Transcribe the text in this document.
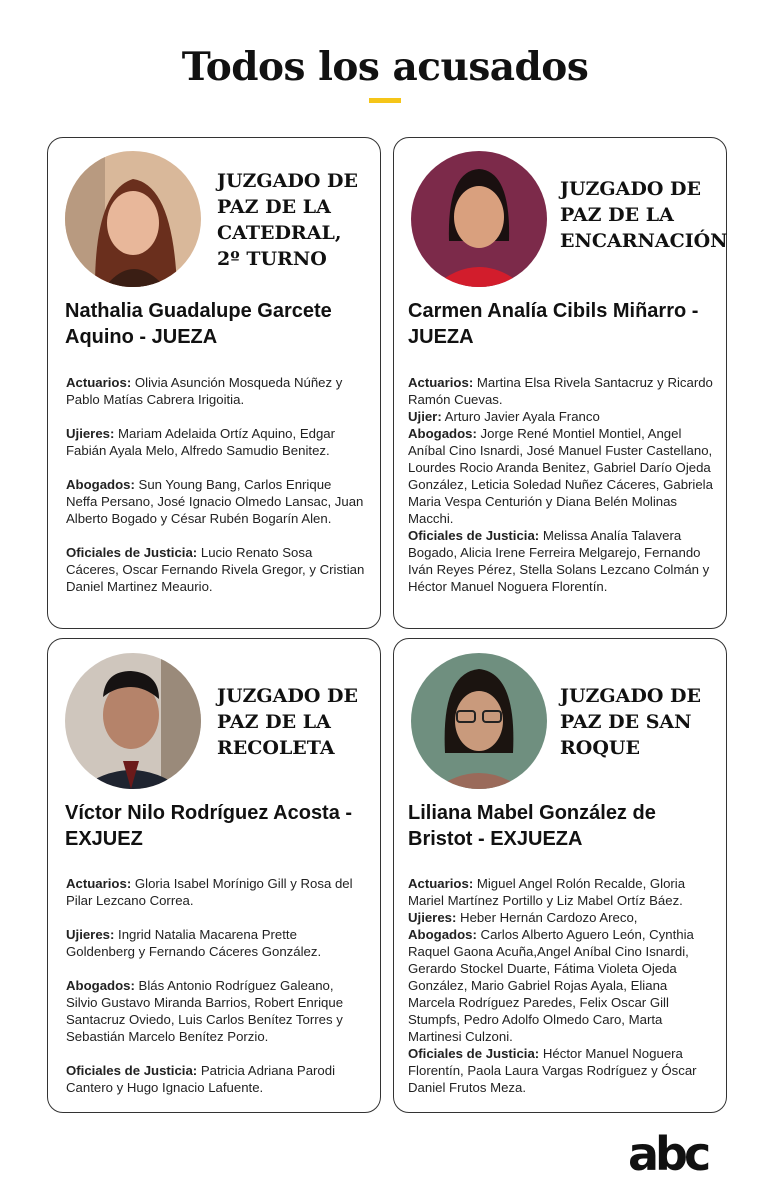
Todos los acusados
JUZGADO DE
PAZ DE LA
CATEDRAL,
2º TURNO
Nathalia Guadalupe Garcete
Aquino - JUEZA

Actuarios: Olivia Asunción Mosqueda Núñez y Pablo Matías Cabrera Irigoitia.

Ujieres: Mariam Adelaida Ortíz Aquino, Edgar Fabián Ayala Melo, Alfredo Samudio Benitez.

Abogados: Sun Young Bang, Carlos Enrique Neffa Persano, José Ignacio Olmedo Lansac, Juan Alberto Bogado y César Rubén Bogarín Alen.

Oficiales de Justicia: Lucio Renato Sosa Cáceres, Oscar Fernando Rivela Gregor, y Cristian Daniel Martinez Meaurio.

JUZGADO DE
PAZ DE LA
ENCARNACIÓN
Carmen Analía Cibils Miñarro -
JUEZA

Actuarios: Martina Elsa Rivela Santacruz y Ricardo Ramón Cuevas.

Ujier: Arturo Javier Ayala Franco

Abogados: Jorge René Montiel Montiel, Angel Aníbal Cino Isnardi, José Manuel Fuster Castellano, Lourdes Rocio Aranda Benitez, Gabriel Darío Ojeda González, Leticia Soledad Nuñez Cáceres, Gabriela Maria Vespa Centurión y Diana Belén Molinas Macchi.

Oficiales de Justicia: Melissa Analía Talavera Bogado, Alicia Irene Ferreira Melgarejo, Fernando Iván Reyes Pérez, Stella Solans Lezcano Colmán y Héctor Manuel Noguera Florentín.

JUZGADO DE
PAZ DE LA
RECOLETA
Víctor Nilo Rodríguez Acosta -
EXJUEZ

Actuarios: Gloria Isabel Morínigo Gill y Rosa del Pilar Lezcano Correa.

Ujieres: Ingrid Natalia Macarena Prette Goldenberg y Fernando Cáceres González.

Abogados: Blás Antonio Rodríguez Galeano, Silvio Gustavo Miranda Barrios, Robert Enrique Santacruz Oviedo, Luis Carlos Benítez Torres y Sebastián Marcelo Benítez Porzio.

Oficiales de Justicia: Patricia Adriana Parodi Cantero y Hugo Ignacio Lafuente.

JUZGADO DE
PAZ DE SAN
ROQUE
Liliana Mabel González de
Bristot - EXJUEZA

Actuarios: Miguel Angel Rolón Recalde, Gloria Mariel Martínez Portillo y Liz Mabel Ortíz Báez.

Ujieres: Heber Hernán Cardozo Areco,

Abogados: Carlos Alberto Aguero León, Cynthia Raquel Gaona Acuña,Angel Aníbal Cino Isnardi, Gerardo Stockel Duarte, Fátima Violeta Ojeda González, Mario Gabriel Rojas Ayala, Eliana Marcela Rodríguez Paredes, Felix Oscar Gill Stumpfs, Pedro Adolfo Olmedo Caro, Marta Martinesi Culzoni.

Oficiales de Justicia: Héctor Manuel Noguera Florentín, Paola Laura Vargas Rodríguez y Óscar Daniel Frutos Meza.

abc
